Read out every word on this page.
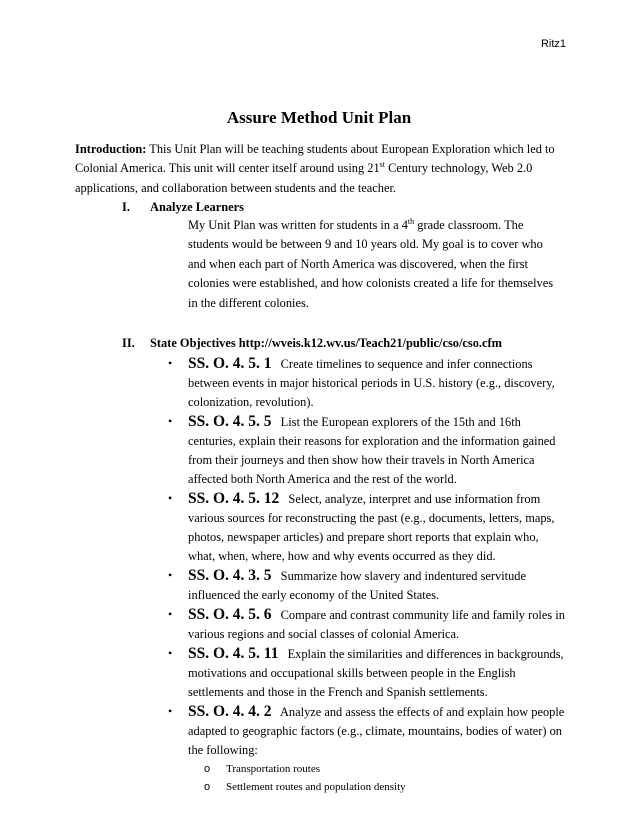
Ritz1
Assure Method Unit Plan
Introduction: This Unit Plan will be teaching students about European Exploration which led to Colonial America. This unit will center itself around using 21st Century technology, Web 2.0 applications, and collaboration between students and the teacher.
I. Analyze Learners
My Unit Plan was written for students in a 4th grade classroom. The students would be between 9 and 10 years old. My goal is to cover who and when each part of North America was discovered, when the first colonies were established, and how colonists created a life for themselves in the different colonies.
II. State Objectives http://wveis.k12.wv.us/Teach21/public/cso/cso.cfm
• SS. O. 4. 5. 1 Create timelines to sequence and infer connections between events in major historical periods in U.S. history (e.g., discovery, colonization, revolution).
• SS. O. 4. 5. 5 List the European explorers of the 15th and 16th centuries, explain their reasons for exploration and the information gained from their journeys and then show how their travels in North America affected both North America and the rest of the world.
• SS. O. 4. 5. 12 Select, analyze, interpret and use information from various sources for reconstructing the past (e.g., documents, letters, maps, photos, newspaper articles) and prepare short reports that explain who, what, when, where, how and why events occurred as they did.
• SS. O. 4. 3. 5 Summarize how slavery and indentured servitude influenced the early economy of the United States.
• SS. O. 4. 5. 6 Compare and contrast community life and family roles in various regions and social classes of colonial America.
• SS. O. 4. 5. 11 Explain the similarities and differences in backgrounds, motivations and occupational skills between people in the English settlements and those in the French and Spanish settlements.
• SS. O. 4. 4. 2 Analyze and assess the effects of and explain how people adapted to geographic factors (e.g., climate, mountains, bodies of water) on the following:
o Transportation routes
o Settlement routes and population density
